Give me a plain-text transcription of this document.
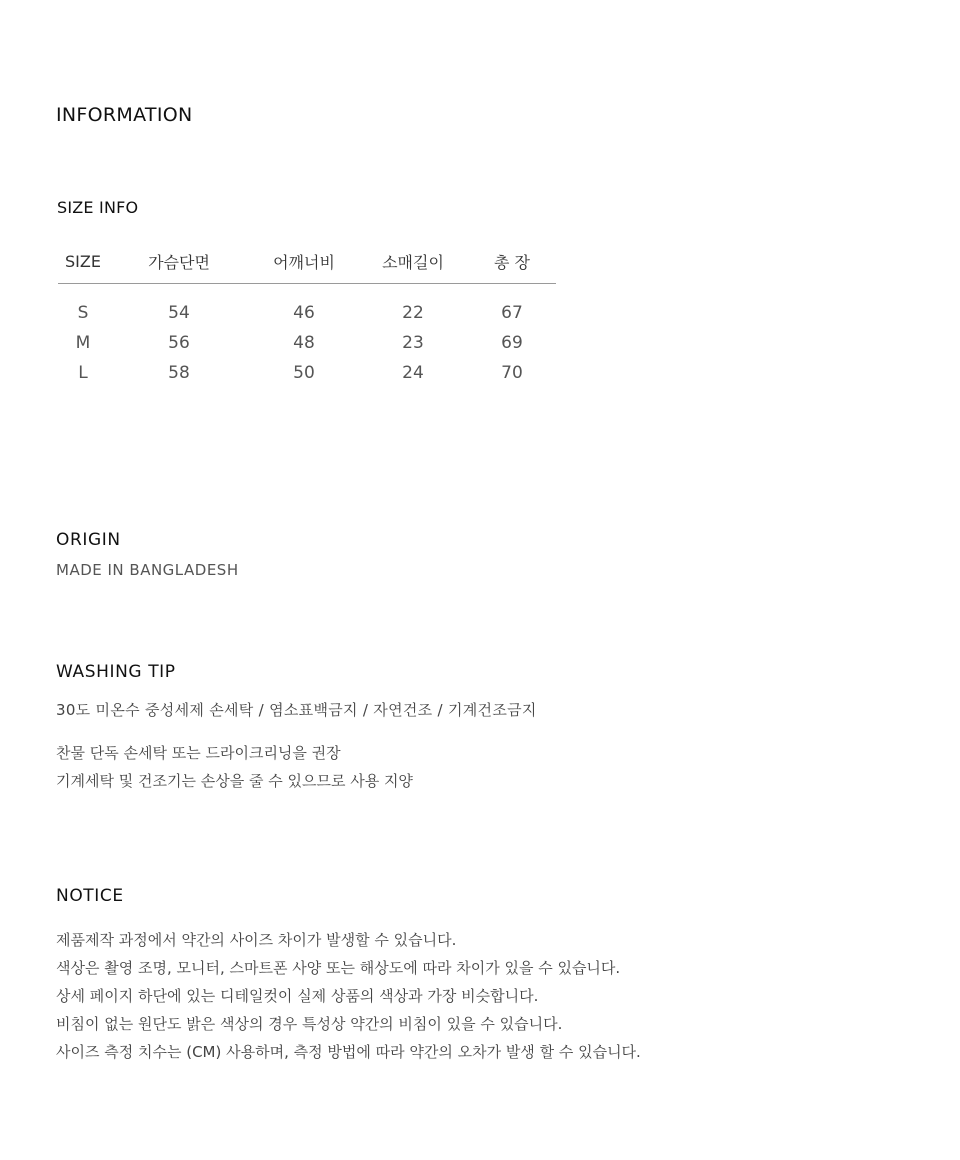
INFORMATION
SIZE INFO
SIZE	가슴단면	어깨너비	소매길이	총 장
S	54	46	22	67
M	56	48	23	69
L	58	50	24	70
ORIGIN
MADE IN BANGLADESH
WASHING TIP
30도 미온수 중성세제 손세탁 / 염소표백금지 / 자연건조 / 기계건조금지
찬물 단독 손세탁 또는 드라이크리닝을 권장
기계세탁 및 건조기는 손상을 줄 수 있으므로 사용 지양
NOTICE
제품제작 과정에서 약간의 사이즈 차이가 발생할 수 있습니다.
색상은 촬영 조명, 모니터, 스마트폰 사양 또는 해상도에 따라 차이가 있을 수 있습니다.
상세 페이지 하단에 있는 디테일컷이 실제 상품의 색상과 가장 비슷합니다.
비침이 없는 원단도 밝은 색상의 경우 특성상 약간의 비침이 있을 수 있습니다.
사이즈 측정 치수는 (CM) 사용하며, 측정 방법에 따라 약간의 오차가 발생 할 수 있습니다.
